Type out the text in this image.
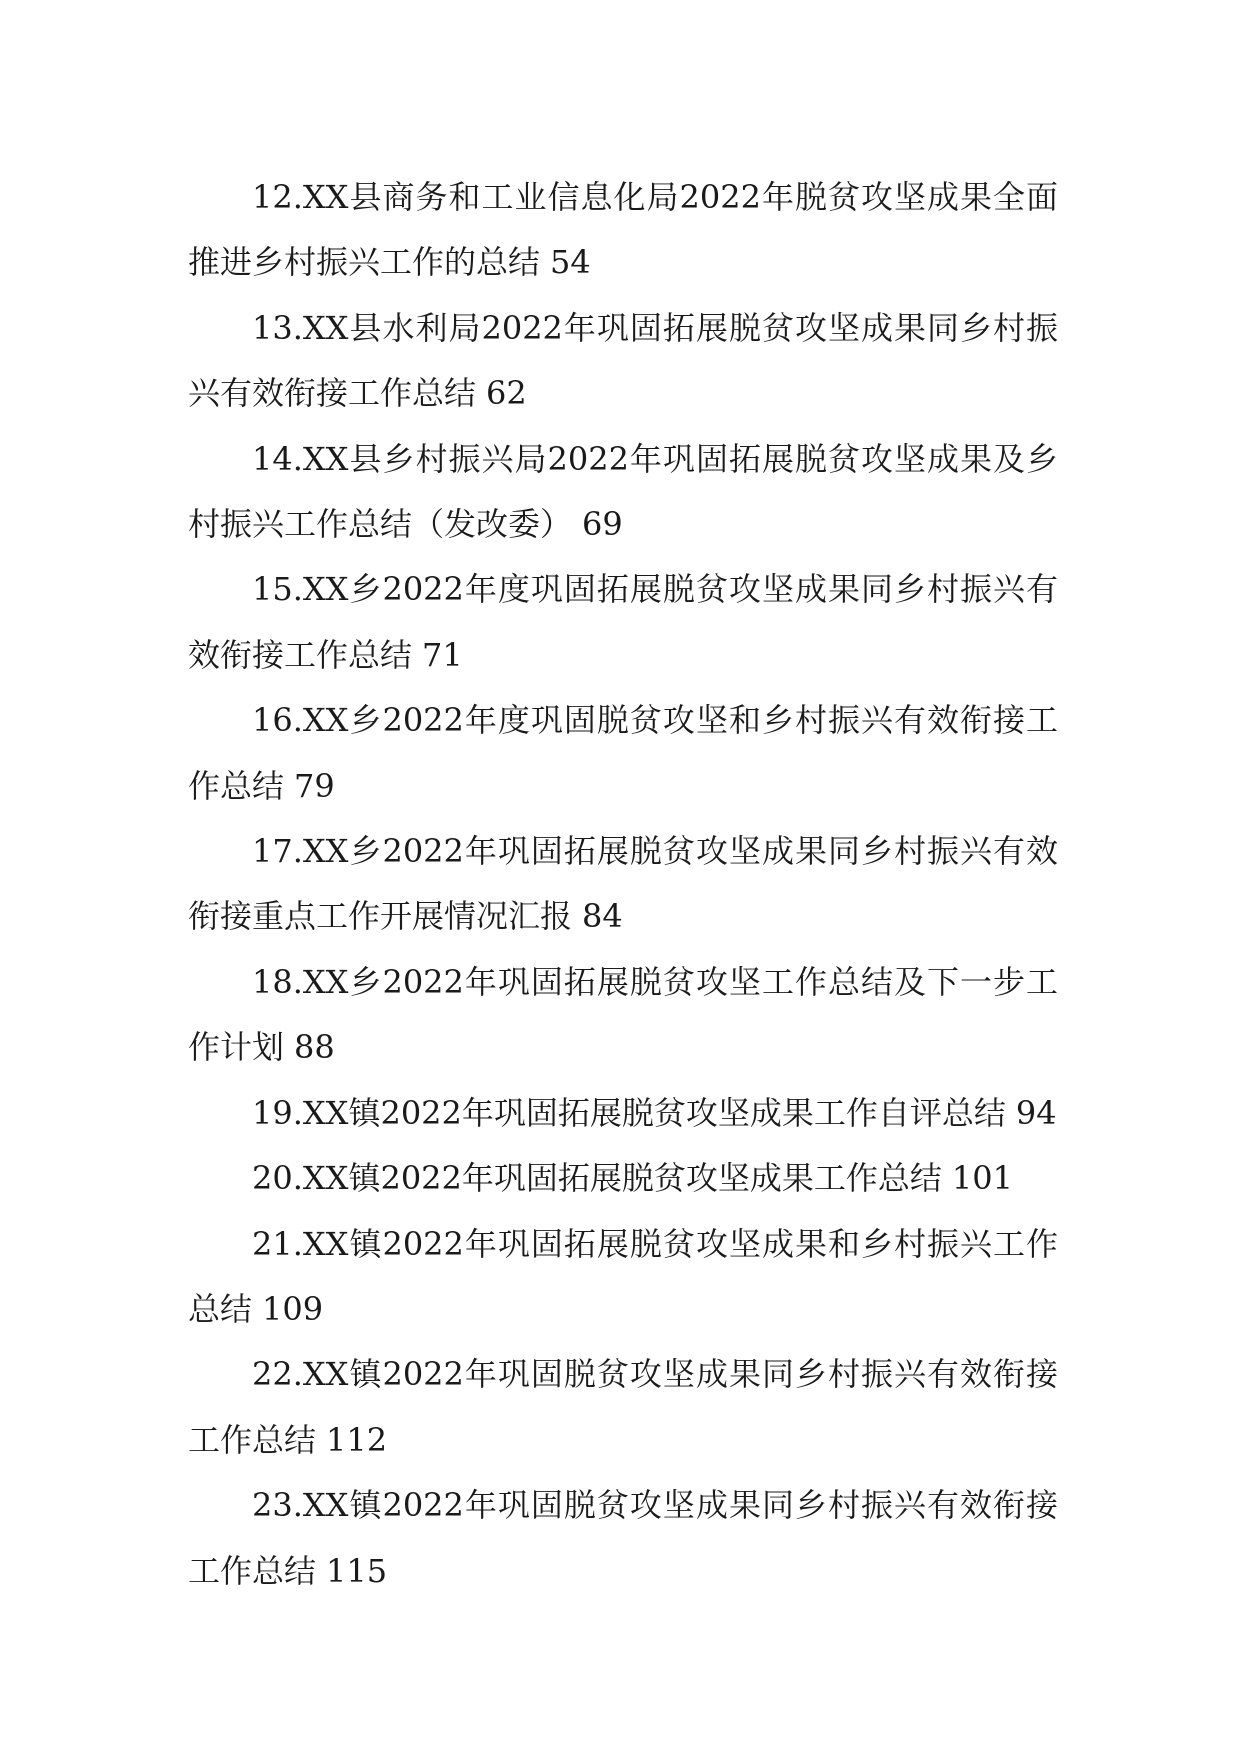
12.XX县商务和工业信息化局2022年脱贫攻坚成果全面推进乡村振兴工作的总结 54
13.XX县水利局2022年巩固拓展脱贫攻坚成果同乡村振兴有效衔接工作总结 62
14.XX县乡村振兴局2022年巩固拓展脱贫攻坚成果及乡村振兴工作总结（发改委） 69
15.XX乡2022年度巩固拓展脱贫攻坚成果同乡村振兴有效衔接工作总结 71
16.XX乡2022年度巩固脱贫攻坚和乡村振兴有效衔接工作总结 79
17.XX乡2022年巩固拓展脱贫攻坚成果同乡村振兴有效衔接重点工作开展情况汇报 84
18.XX乡2022年巩固拓展脱贫攻坚工作总结及下一步工作计划 88
19.XX镇2022年巩固拓展脱贫攻坚成果工作自评总结 94
20.XX镇2022年巩固拓展脱贫攻坚成果工作总结 101
21.XX镇2022年巩固拓展脱贫攻坚成果和乡村振兴工作总结 109
22.XX镇2022年巩固脱贫攻坚成果同乡村振兴有效衔接工作总结 112
23.XX镇2022年巩固脱贫攻坚成果同乡村振兴有效衔接工作总结 115
